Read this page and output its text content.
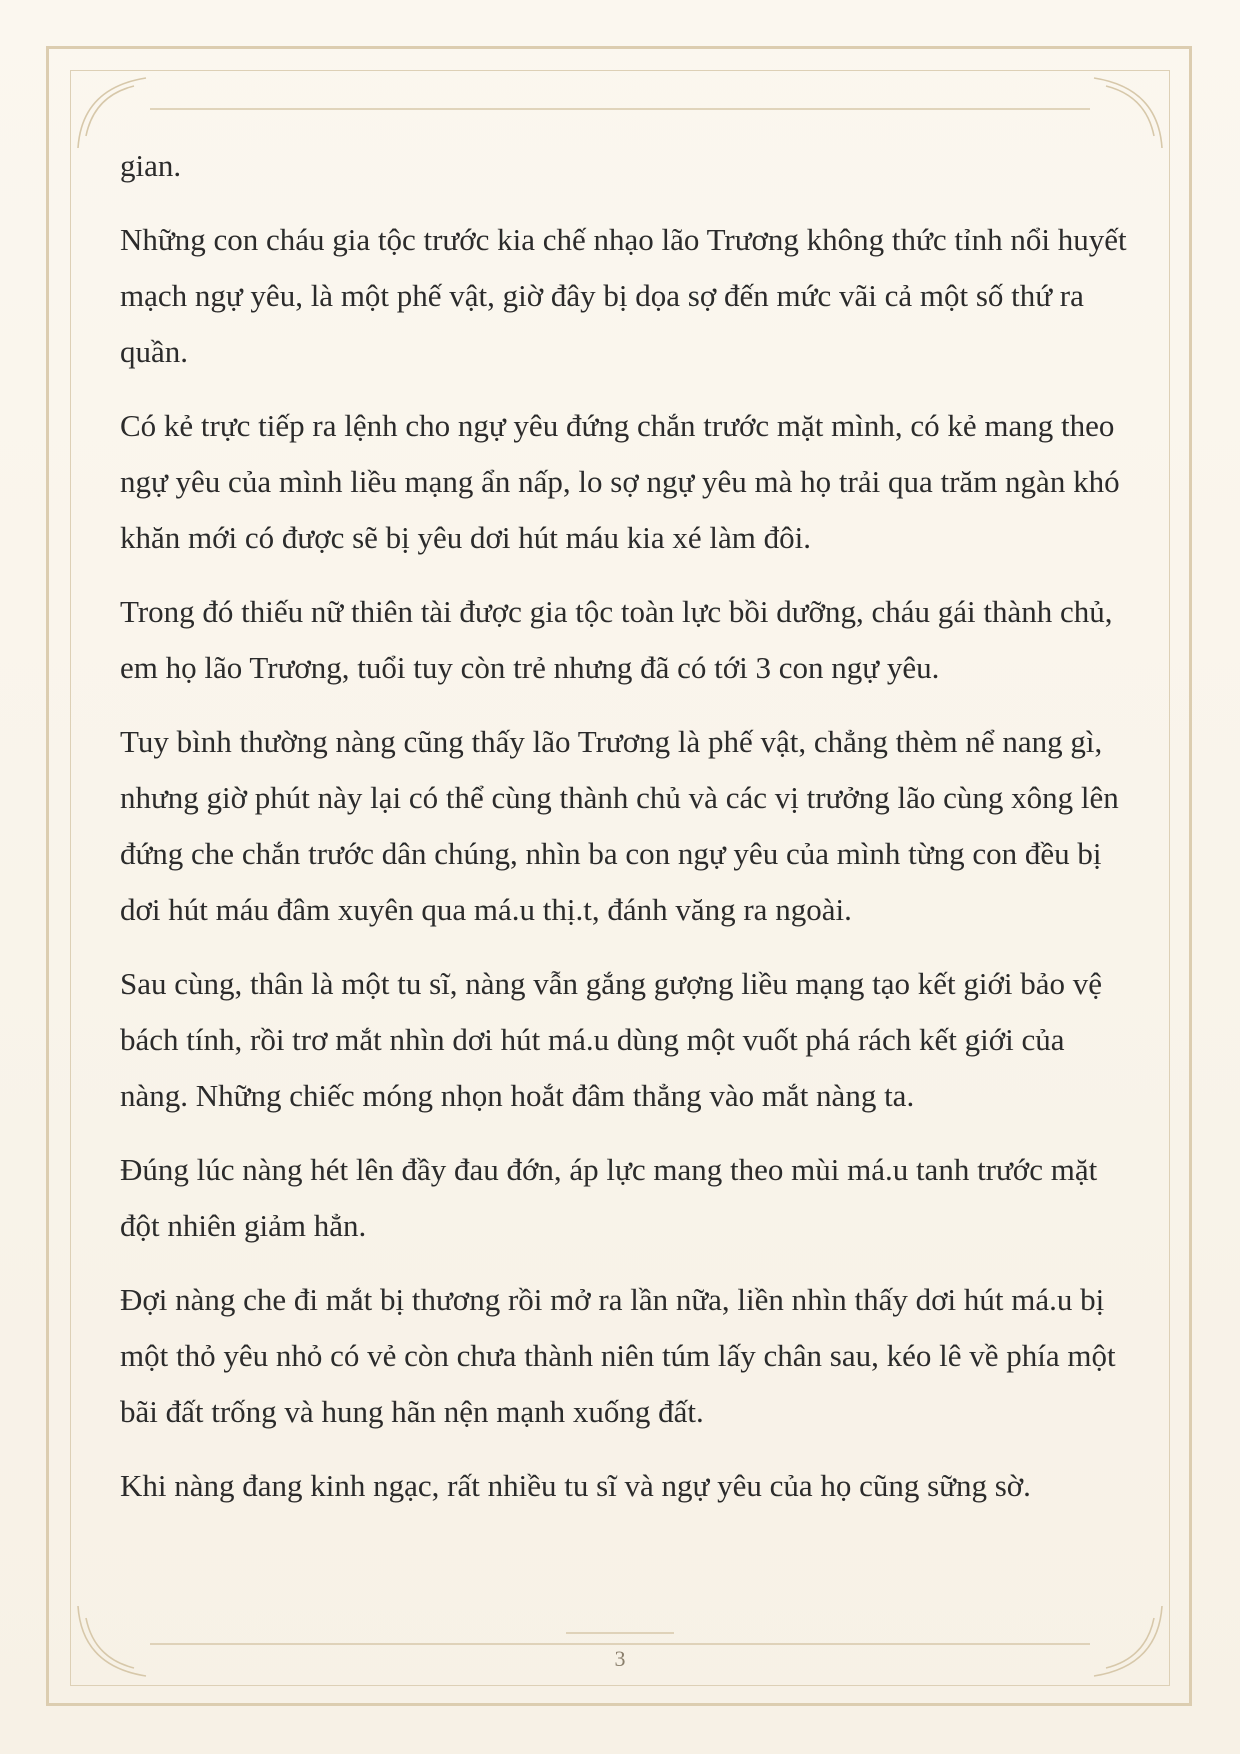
gian.

Những con cháu gia tộc trước kia chế nhạo lão Trương không thức tỉnh nổi huyết mạch ngự yêu, là một phế vật, giờ đây bị dọa sợ đến mức vãi cả một số thứ ra quần.

Có kẻ trực tiếp ra lệnh cho ngự yêu đứng chắn trước mặt mình, có kẻ mang theo ngự yêu của mình liều mạng ẩn nấp, lo sợ ngự yêu mà họ trải qua trăm ngàn khó khăn mới có được sẽ bị yêu dơi hút máu kia xé làm đôi.

Trong đó thiếu nữ thiên tài được gia tộc toàn lực bồi dưỡng, cháu gái thành chủ, em họ lão Trương, tuổi tuy còn trẻ nhưng đã có tới 3 con ngự yêu.

Tuy bình thường nàng cũng thấy lão Trương là phế vật, chẳng thèm nể nang gì, nhưng giờ phút này lại có thể cùng thành chủ và các vị trưởng lão cùng xông lên đứng che chắn trước dân chúng, nhìn ba con ngự yêu của mình từng con đều bị dơi hút máu đâm xuyên qua má.u thị.t, đánh văng ra ngoài.

Sau cùng, thân là một tu sĩ, nàng vẫn gắng gượng liều mạng tạo kết giới bảo vệ bách tính, rồi trơ mắt nhìn dơi hút má.u dùng một vuốt phá rách kết giới của nàng. Những chiếc móng nhọn hoắt đâm thẳng vào mắt nàng ta.

Đúng lúc nàng hét lên đầy đau đớn, áp lực mang theo mùi má.u tanh trước mặt đột nhiên giảm hẳn.

Đợi nàng che đi mắt bị thương rồi mở ra lần nữa, liền nhìn thấy dơi hút má.u bị một thỏ yêu nhỏ có vẻ còn chưa thành niên túm lấy chân sau, kéo lê về phía một bãi đất trống và hung hãn nện mạnh xuống đất.

Khi nàng đang kinh ngạc, rất nhiều tu sĩ và ngự yêu của họ cũng sững sờ.

3
